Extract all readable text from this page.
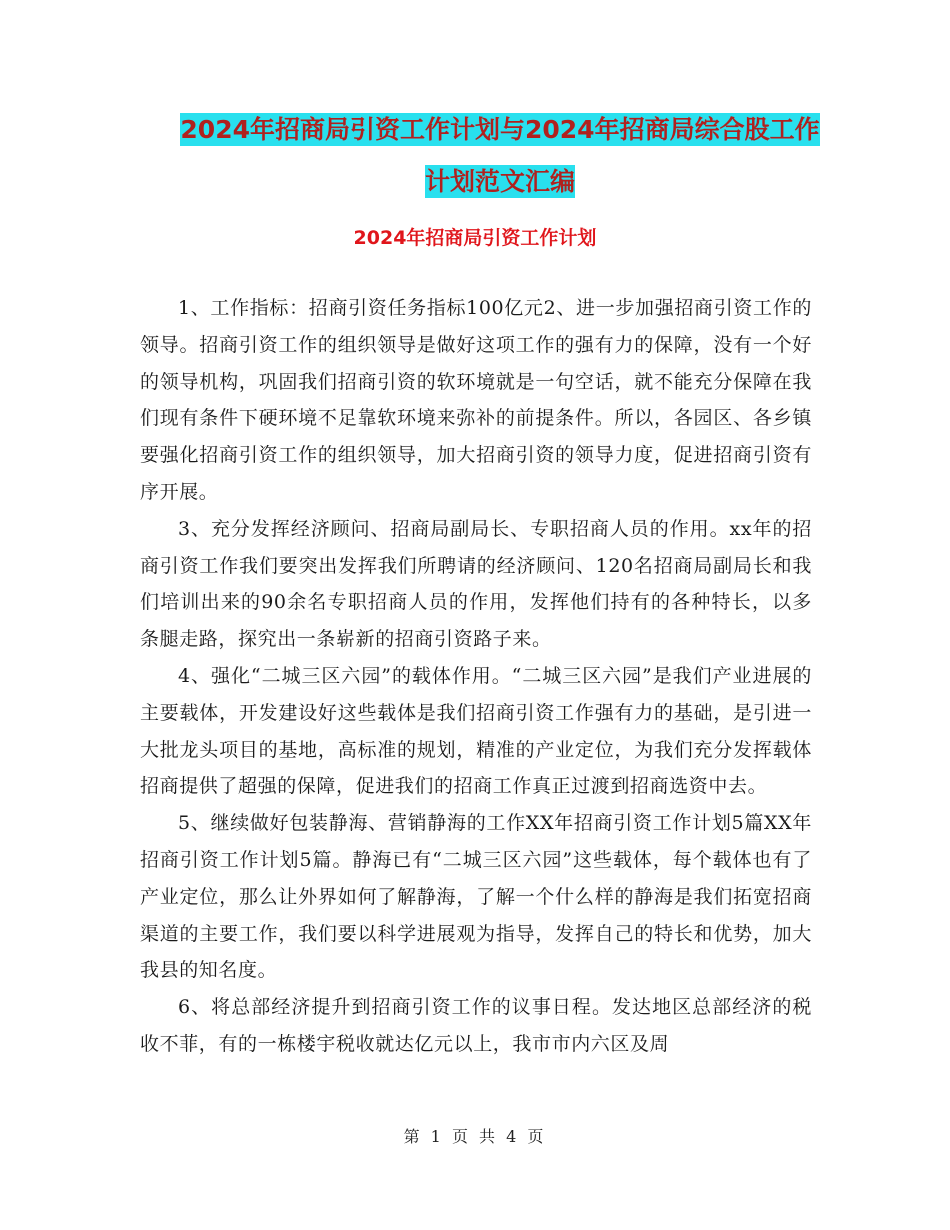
2024年招商局引资工作计划与2024年招商局综合股工作计划范文汇编
2024年招商局引资工作计划

1、工作指标：招商引资任务指标100亿元2、进一步加强招商引资工作的领导。招商引资工作的组织领导是做好这项工作的强有力的保障，没有一个好的领导机构，巩固我们招商引资的软环境就是一句空话，就不能充分保障在我们现有条件下硬环境不足靠软环境来弥补的前提条件。所以，各园区、各乡镇要强化招商引资工作的组织领导，加大招商引资的领导力度，促进招商引资有序开展。

3、充分发挥经济顾问、招商局副局长、专职招商人员的作用。xx年的招商引资工作我们要突出发挥我们所聘请的经济顾问、120名招商局副局长和我们培训出来的90余名专职招商人员的作用，发挥他们持有的各种特长，以多条腿走路，探究出一条崭新的招商引资路子来。

4、强化“二城三区六园”的载体作用。“二城三区六园”是我们产业进展的主要载体，开发建设好这些载体是我们招商引资工作强有力的基础，是引进一大批龙头项目的基地，高标准的规划，精准的产业定位，为我们充分发挥载体招商提供了超强的保障，促进我们的招商工作真正过渡到招商选资中去。

5、继续做好包装静海、营销静海的工作XX年招商引资工作计划5篇XX年招商引资工作计划5篇。静海已有“二城三区六园”这些载体，每个载体也有了产业定位，那么让外界如何了解静海，了解一个什么样的静海是我们拓宽招商渠道的主要工作，我们要以科学进展观为指导，发挥自己的特长和优势，加大我县的知名度。

6、将总部经济提升到招商引资工作的议事日程。发达地区总部经济的税收不菲，有的一栋楼宇税收就达亿元以上，我市市内六区及周

第 1 页 共 4 页
